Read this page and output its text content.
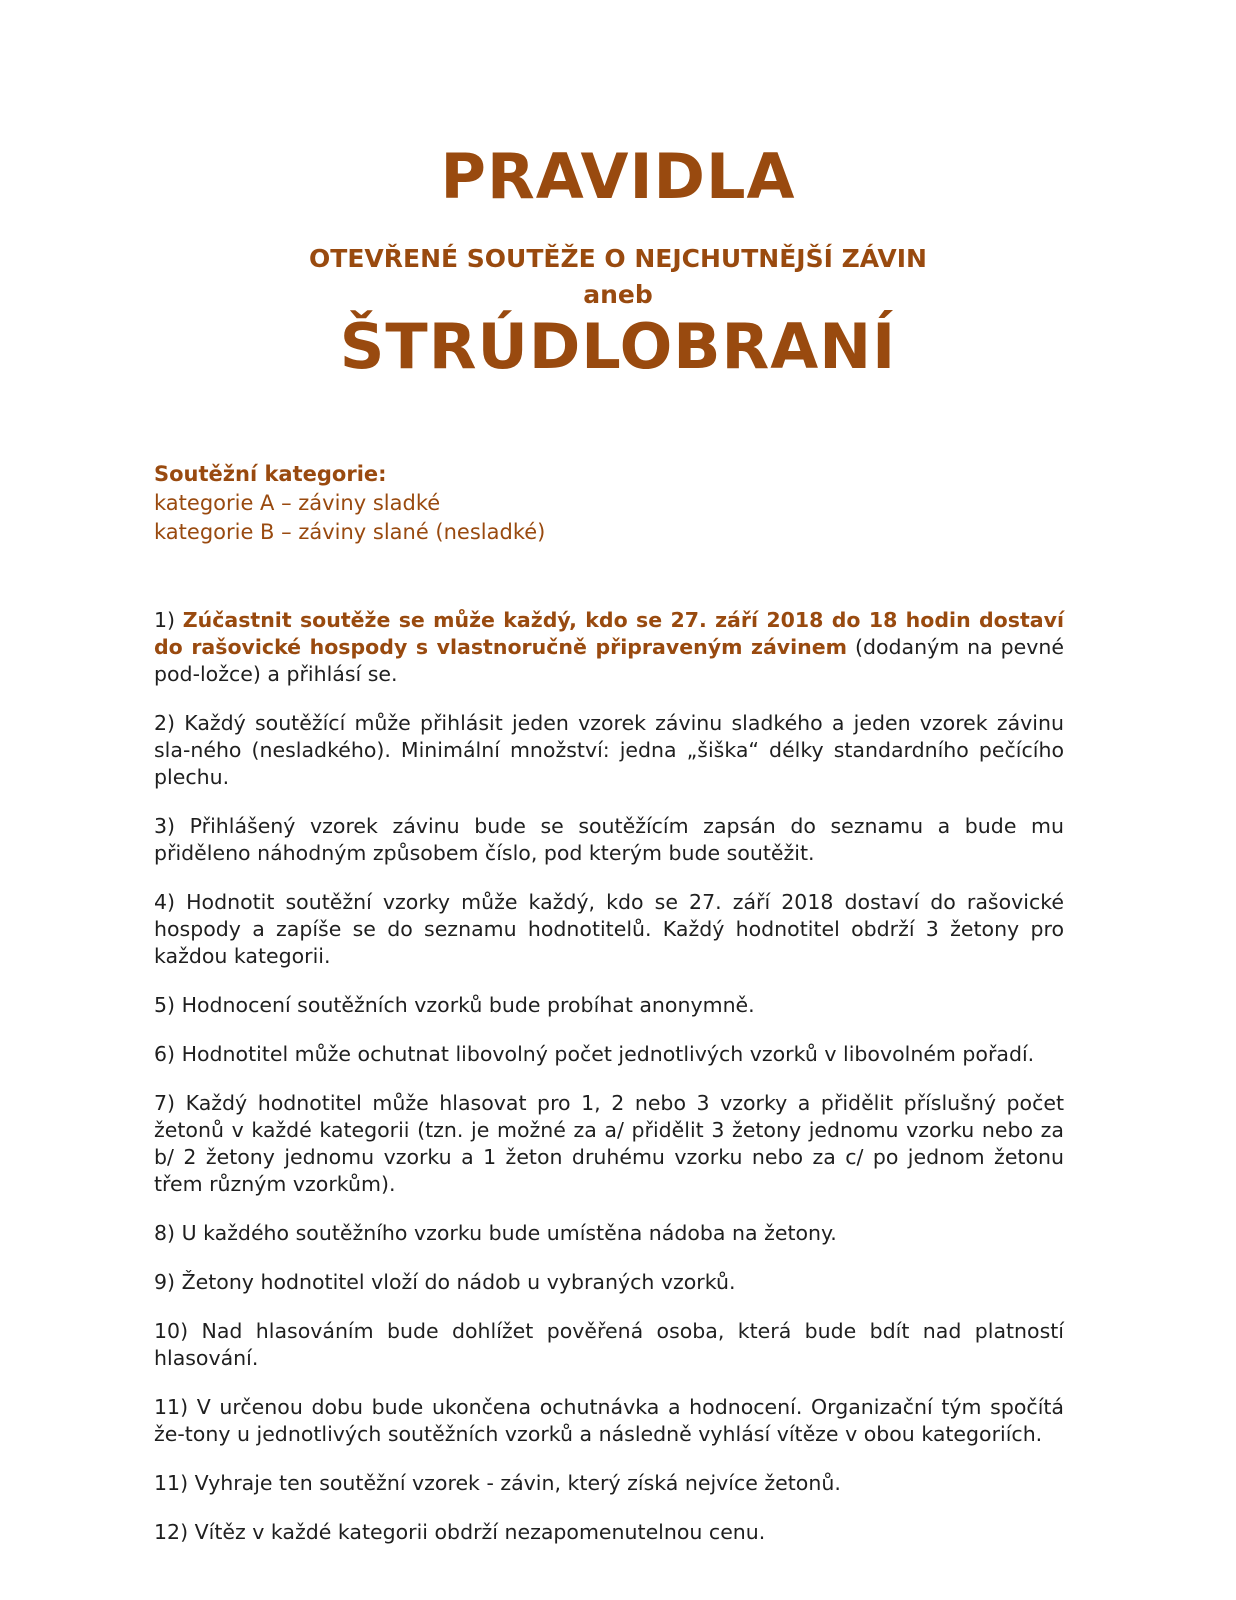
PRAVIDLA
OTEVŘENÉ SOUTĚŽE O NEJCHUTNĚJŠÍ ZÁVIN
aneb
ŠTRÚDLOBRANÍ
Soutěžní kategorie:
kategorie A – záviny sladké
kategorie B – záviny slané (nesladké)

1) Zúčastnit soutěže se může každý, kdo se 27. září 2018 do 18 hodin dostaví do rašovické hospody s vlastnoručně připraveným závinem (dodaným na pevné pod-ložce) a přihlásí se.

2) Každý soutěžící může přihlásit jeden vzorek závinu sladkého a jeden vzorek závinu sla-ného (nesladkého). Minimální množství: jedna „šiška“ délky standardního pečícího plechu.

3) Přihlášený vzorek závinu bude se soutěžícím zapsán do seznamu a bude mu přiděleno náhodným způsobem číslo, pod kterým bude soutěžit.

4) Hodnotit soutěžní vzorky může každý, kdo se 27. září 2018 dostaví do rašovické hospody a zapíše se do seznamu hodnotitelů. Každý hodnotitel obdrží 3 žetony pro každou kategorii.

5) Hodnocení soutěžních vzorků bude probíhat anonymně.

6) Hodnotitel může ochutnat libovolný počet jednotlivých vzorků v libovolném pořadí.

7) Každý hodnotitel může hlasovat pro 1, 2 nebo 3 vzorky a přidělit příslušný počet žetonů v každé kategorii (tzn. je možné za a/ přidělit 3 žetony jednomu vzorku nebo za b/ 2 žetony jednomu vzorku a 1 žeton druhému vzorku nebo za c/ po jednom žetonu třem různým vzorkům).

8) U každého soutěžního vzorku bude umístěna nádoba na žetony.

9) Žetony hodnotitel vloží do nádob u vybraných vzorků.

10) Nad hlasováním bude dohlížet pověřená osoba, která bude bdít nad platností hlasování.

11) V určenou dobu bude ukončena ochutnávka a hodnocení. Organizační tým spočítá že-tony u jednotlivých soutěžních vzorků a následně vyhlásí vítěze v obou kategoriích.

11) Vyhraje ten soutěžní vzorek - závin, který získá nejvíce žetonů.

12) Vítěz v každé kategorii obdrží nezapomenutelnou cenu.
